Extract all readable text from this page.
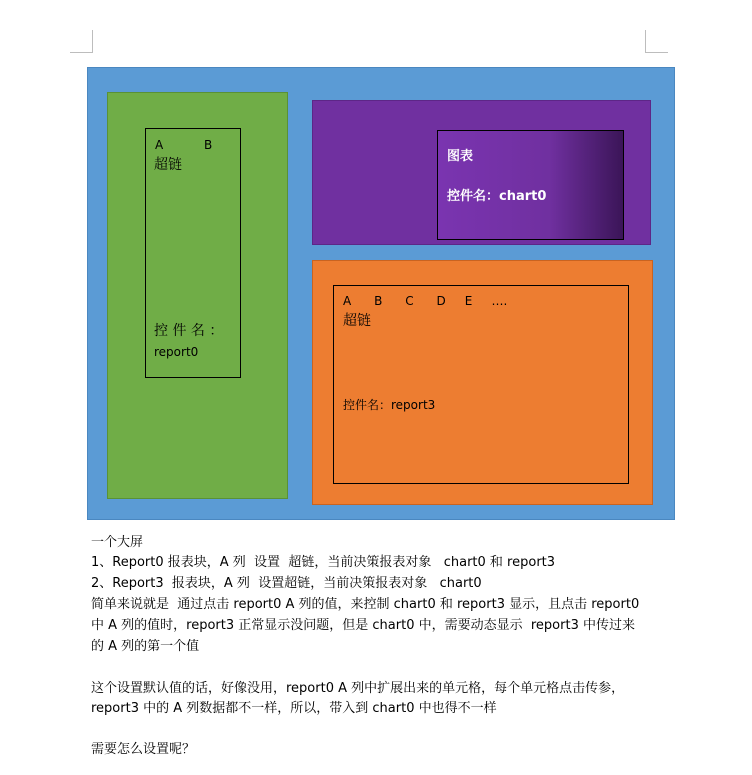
A	B
超链
控 件 名 ：
report0
图表
控件名：chart0
A      B      C      D     E     ….
超链
控件名：report3
一个大屏
1、Report0 报表块，A 列  设置  超链，当前决策报表对象   chart0 和 report3
2、Report3  报表块，A 列  设置超链，当前决策报表对象   chart0
简单来说就是  通过点击 report0 A 列的值，来控制 chart0 和 report3 显示，且点击 report0
中 A 列的值时，report3 正常显示没问题，但是 chart0 中，需要动态显示  report3 中传过来
的 A 列的第一个值
这个设置默认值的话，好像没用，report0 A 列中扩展出来的单元格，每个单元格点击传参，
report3 中的 A 列数据都不一样，所以，带入到 chart0 中也得不一样
需要怎么设置呢？
